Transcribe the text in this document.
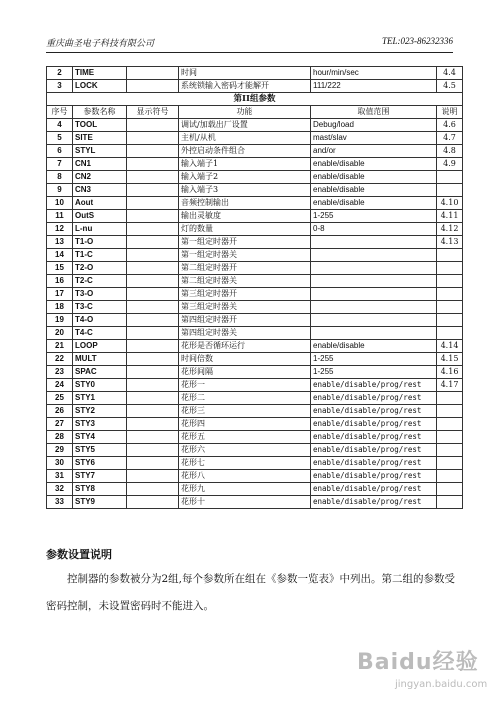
重庆曲圣电子科技有限公司	TEL:023-86232336
2	TIME		时间	hour/min/sec	4.4
3	LOCK		系统锁输入密码才能解开	111/222	4.5
第II组参数					
序号	参数名称	显示符号	功能	取值范围	说明
4	TOOL		调试/加载出厂设置	Debug/load	4.6
5	SITE		主机/从机	mast/slav	4.7
6	STYL		外控启动条件组合	and/or	4.8
7	CN1		输入端子1	enable/disable	4.9
8	CN2		输入端子2	enable/disable	
9	CN3		输入端子3	enable/disable	
10	Aout		音频控制输出	enable/disable	4.10
11	OutS		输出灵敏度	1-255	4.11
12	L-nu		灯的数量	0-8	4.12
13	T1-O		第一组定时器开		4.13
14	T1-C		第一组定时器关		
15	T2-O		第二组定时器开		
16	T2-C		第二组定时器关		
17	T3-O		第三组定时器开		
18	T3-C		第三组定时器关		
19	T4-O		第四组定时器开		
20	T4-C		第四组定时器关		
21	LOOP		花形是否循环运行	enable/disable	4.14
22	MULT		时间倍数	1-255	4.15
23	SPAC		花形间隔	1-255	4.16
24	STY0		花形一	enable/disable/prog/rest	4.17
25	STY1		花形二	enable/disable/prog/rest	
26	STY2		花形三	enable/disable/prog/rest	
27	STY3		花形四	enable/disable/prog/rest	
28	STY4		花形五	enable/disable/prog/rest	
29	STY5		花形六	enable/disable/prog/rest	
30	STY6		花形七	enable/disable/prog/rest	
31	STY7		花形八	enable/disable/prog/rest	
32	STY8		花形九	enable/disable/prog/rest	
33	STY9		花形十	enable/disable/prog/rest	
参数设置说明
控制器的参数被分为2组,每个参数所在组在《参数一览表》中列出。第二组的参数受密码控制，未设置密码时不能进入。
Baidu经验
jingyan.baidu.com
